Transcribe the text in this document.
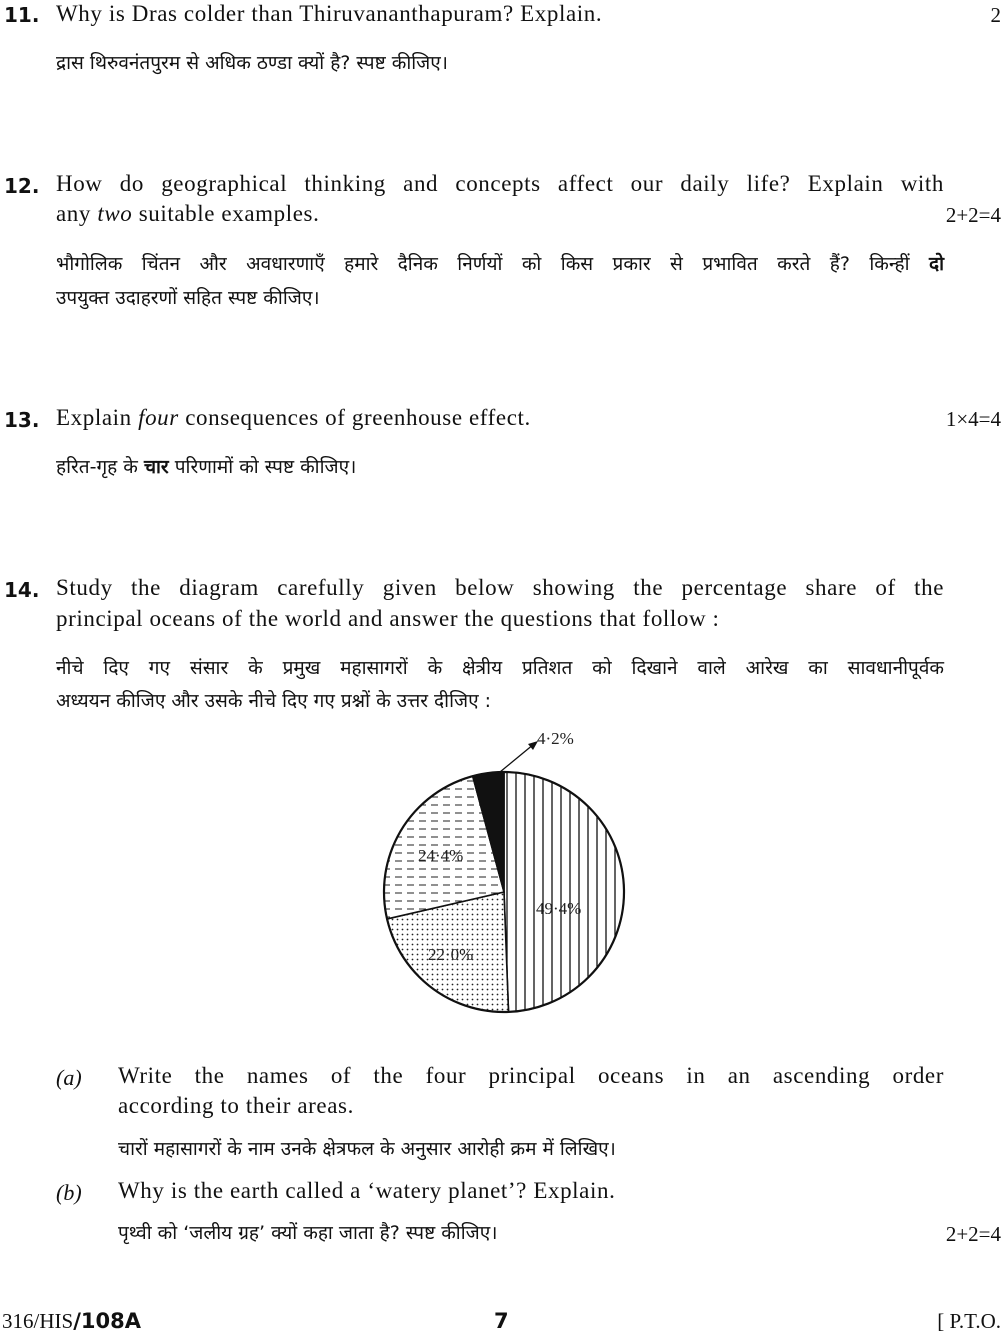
11. Why is Dras colder than Thiruvananthapuram? Explain.	2
द्रास थिरुवनंतपुरम से अधिक ठण्डा क्यों है? स्पष्ट कीजिए।
12. How do geographical thinking and concepts affect our daily life? Explain with
any two suitable examples.	2+2=4
भौगोलिक चिंतन और अवधारणाएँ हमारे दैनिक निर्णयों को किस प्रकार से प्रभावित करते हैं? किन्हीं दो
उपयुक्त उदाहरणों सहित स्पष्ट कीजिए।
13. Explain four consequences of greenhouse effect.	1×4=4
हरित-गृह के चार परिणामों को स्पष्ट कीजिए।
14. Study the diagram carefully given below showing the percentage share of the
principal oceans of the world and answer the questions that follow :
नीचे दिए गए संसार के प्रमुख महासागरों के क्षेत्रीय प्रतिशत को दिखाने वाले आरेख का सावधानीपूर्वक
अध्ययन कीजिए और उसके नीचे दिए गए प्रश्नों के उत्तर दीजिए :
4·2%
49·4%
24·4%
22·0%
(a) Write the names of the four principal oceans in an ascending order
according to their areas.
चारों महासागरों के नाम उनके क्षेत्रफल के अनुसार आरोही क्रम में लिखिए।
(b) Why is the earth called a ‘watery planet’? Explain.
पृथ्वी को ‘जलीय ग्रह’ क्यों कहा जाता है? स्पष्ट कीजिए।	2+2=4
316/HIS/108A	7	[ P.T.O.
